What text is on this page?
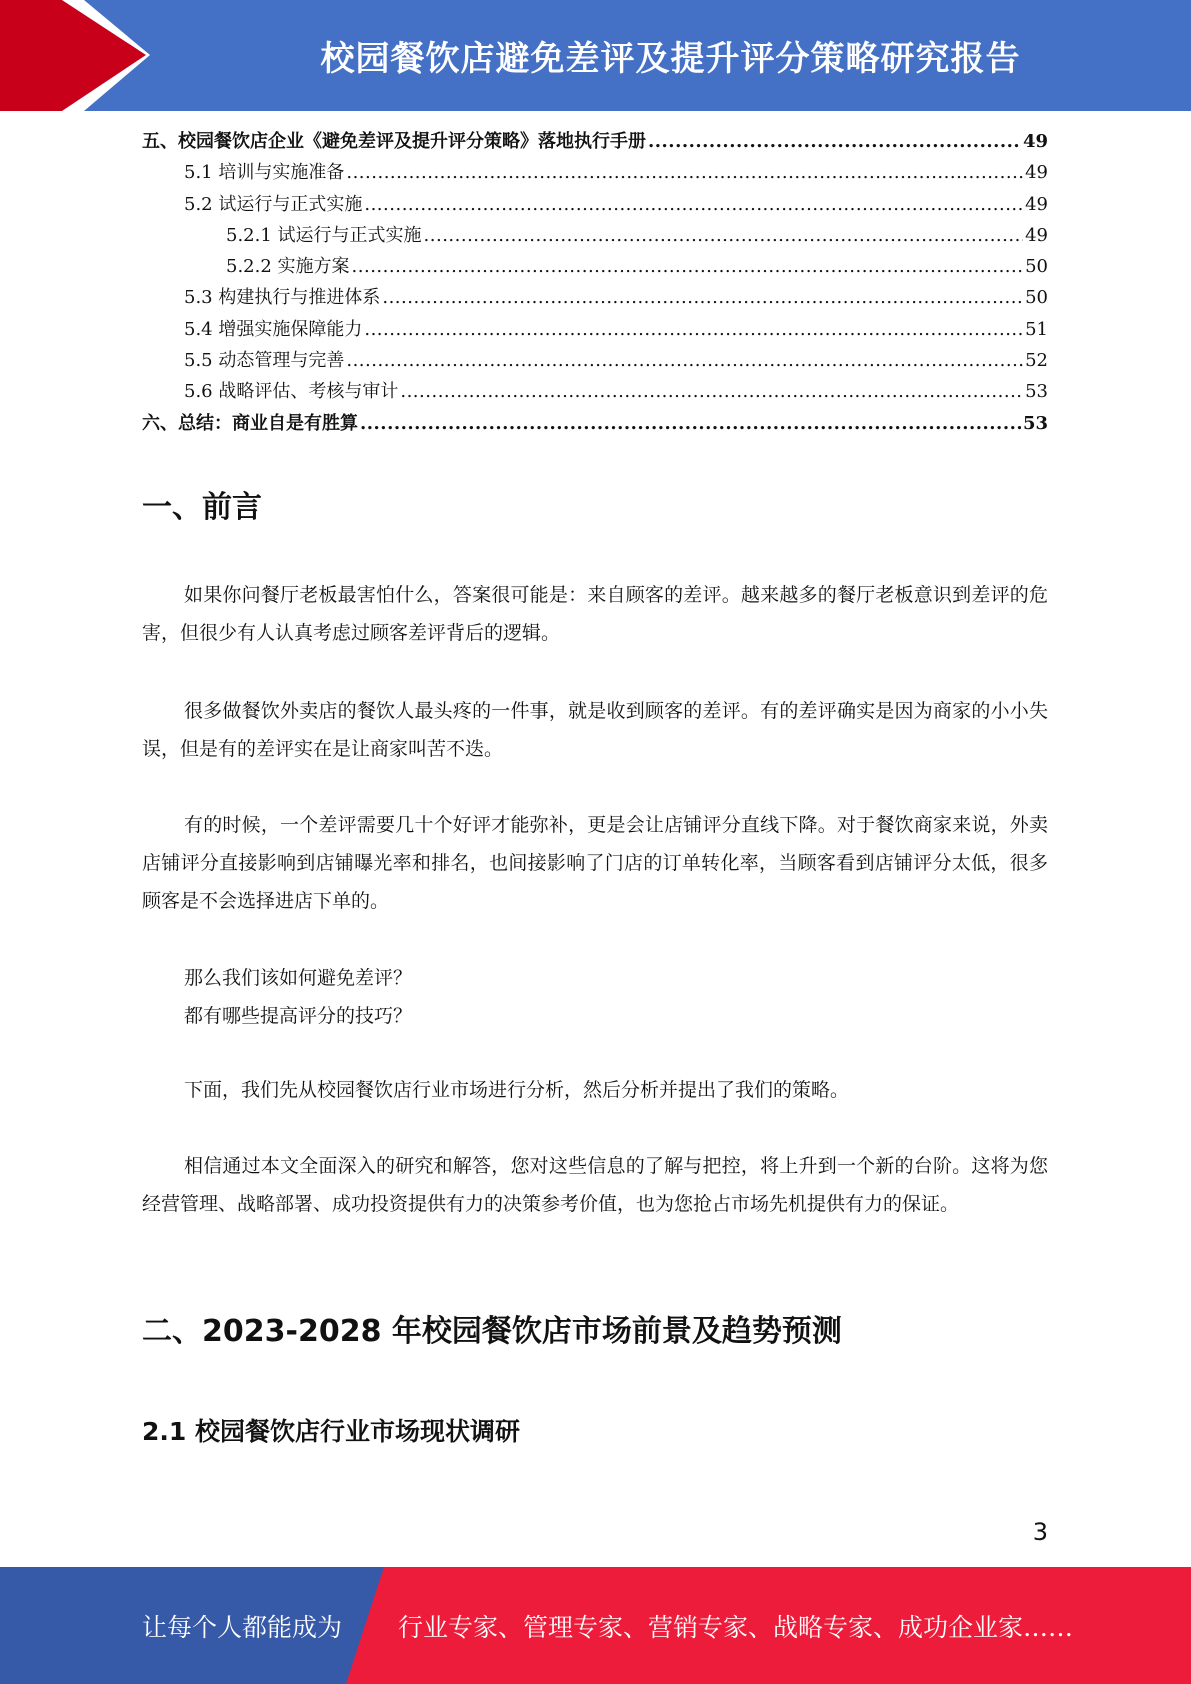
校园餐饮店避免差评及提升评分策略研究报告
五、校园餐饮店企业《避免差评及提升评分策略》落地执行手册 .....	49
5.1 培训与实施准备 .....	49
5.2 试运行与正式实施 .....	49
5.2.1 试运行与正式实施 .....	49
5.2.2 实施方案 .....	50
5.3 构建执行与推进体系 .....	50
5.4 增强实施保障能力 .....	51
5.5 动态管理与完善 .....	52
5.6 战略评估、考核与审计 .....	53
六、总结：商业自是有胜算 .....	53
一、前言

如果你问餐厅老板最害怕什么，答案很可能是：来自顾客的差评。越来越多的餐厅老板意识到差评的危害，但很少有人认真考虑过顾客差评背后的逻辑。

很多做餐饮外卖店的餐饮人最头疼的一件事，就是收到顾客的差评。有的差评确实是因为商家的小小失误，但是有的差评实在是让商家叫苦不迭。

有的时候，一个差评需要几十个好评才能弥补，更是会让店铺评分直线下降。对于餐饮商家来说，外卖店铺评分直接影响到店铺曝光率和排名，也间接影响了门店的订单转化率，当顾客看到店铺评分太低，很多顾客是不会选择进店下单的。

那么我们该如何避免差评？

都有哪些提高评分的技巧？

下面，我们先从校园餐饮店行业市场进行分析，然后分析并提出了我们的策略。

相信通过本文全面深入的研究和解答，您对这些信息的了解与把控，将上升到一个新的台阶。这将为您经营管理、战略部署、成功投资提供有力的决策参考价值，也为您抢占市场先机提供有力的保证。

二、2023-2028 年校园餐饮店市场前景及趋势预测
2.1 校园餐饮店行业市场现状调研
3
让每个人都能成为 行业专家、管理专家、营销专家、战略专家、成功企业家……
